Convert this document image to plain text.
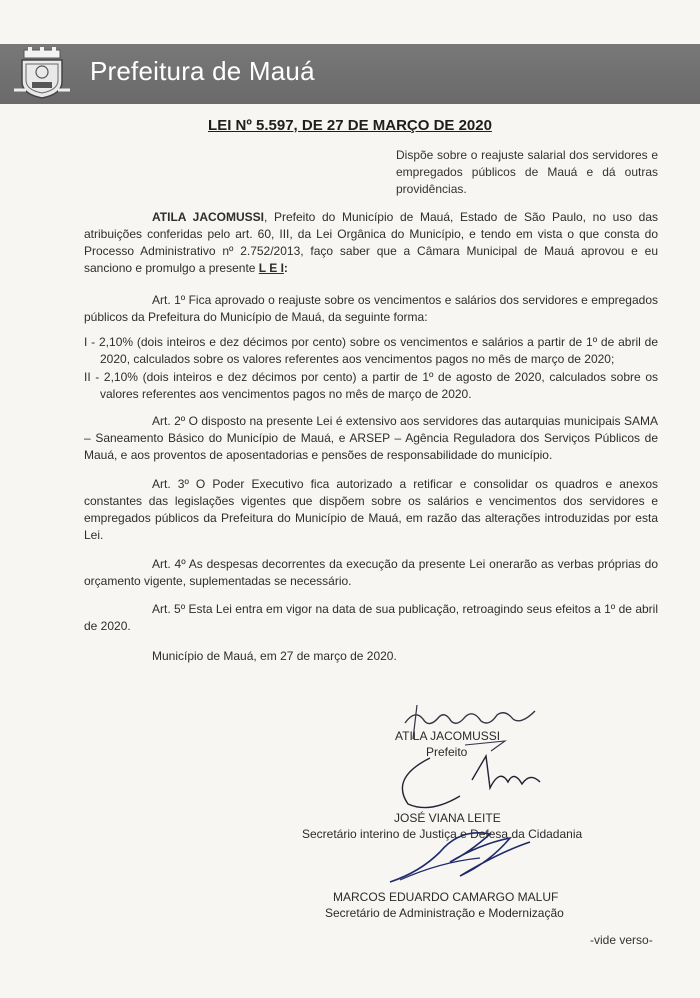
Prefeitura de Mauá
LEI Nº 5.597, DE 27 DE MARÇO DE 2020
Dispõe sobre o reajuste salarial dos servidores e empregados públicos de Mauá e dá outras providências.
ATILA JACOMUSSI, Prefeito do Município de Mauá, Estado de São Paulo, no uso das atribuições conferidas pelo art. 60, III, da Lei Orgânica do Município, e tendo em vista o que consta do Processo Administrativo nº 2.752/2013, faço saber que a Câmara Municipal de Mauá aprovou e eu sanciono e promulgo a presente L E I:
Art. 1º Fica aprovado o reajuste sobre os vencimentos e salários dos servidores e empregados públicos da Prefeitura do Município de Mauá, da seguinte forma:
I - 2,10% (dois inteiros e dez décimos por cento) sobre os vencimentos e salários a partir de 1º de abril de 2020, calculados sobre os valores referentes aos vencimentos pagos no mês de março de 2020;
II - 2,10% (dois inteiros e dez décimos por cento) a partir de 1º de agosto de 2020, calculados sobre os valores referentes aos vencimentos pagos no mês de março de 2020.
Art. 2º O disposto na presente Lei é extensivo aos servidores das autarquias municipais SAMA – Saneamento Básico do Município de Mauá, e ARSEP – Agência Reguladora dos Serviços Públicos de Mauá, e aos proventos de aposentadorias e pensões de responsabilidade do município.
Art. 3º O Poder Executivo fica autorizado a retificar e consolidar os quadros e anexos constantes das legislações vigentes que dispõem sobre os salários e vencimentos dos servidores e empregados públicos da Prefeitura do Município de Mauá, em razão das alterações introduzidas por esta Lei.
Art. 4º As despesas decorrentes da execução da presente Lei onerarão as verbas próprias do orçamento vigente, suplementadas se necessário.
Art. 5º Esta Lei entra em vigor na data de sua publicação, retroagindo seus efeitos a 1º de abril de 2020.
Município de Mauá, em 27 de março de 2020.
ATILA JACOMUSSI
Prefeito
JOSÉ VIANA LEITE
Secretário interino de Justiça e Defesa da Cidadania
MARCOS EDUARDO CAMARGO MALUF
Secretário de Administração e Modernização
-vide verso-
